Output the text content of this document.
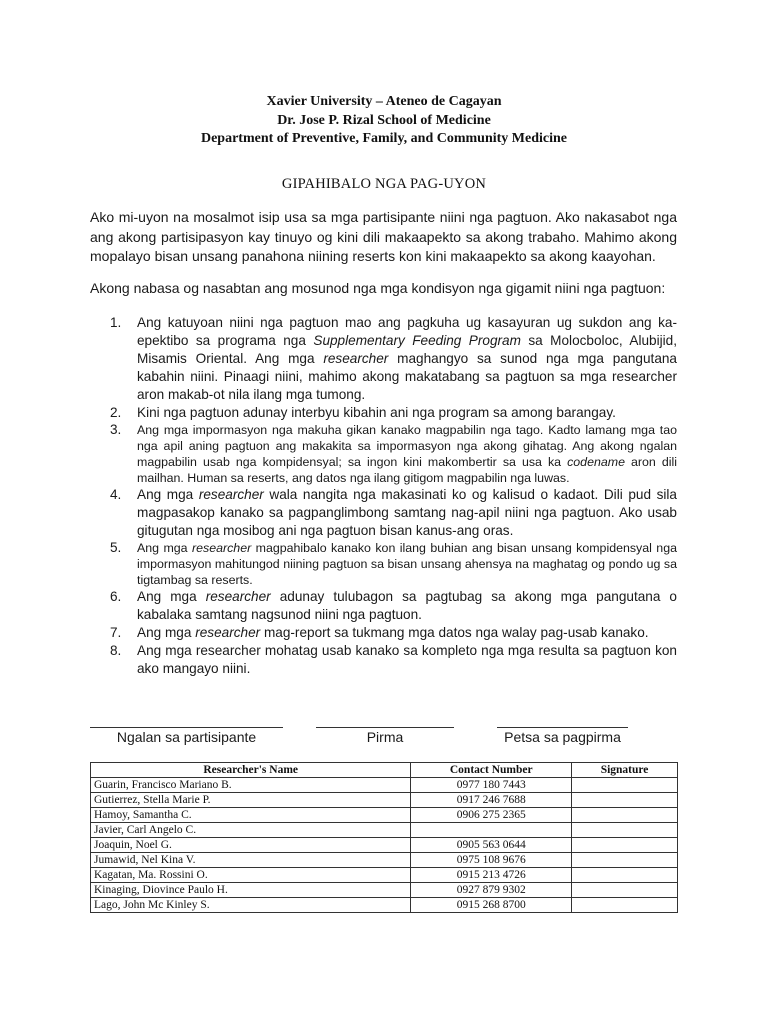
Xavier University – Ateneo de Cagayan
Dr. Jose P. Rizal School of Medicine
Department of Preventive, Family, and Community Medicine
GIPAHIBALO NGA PAG-UYON
Ako mi-uyon na mosalmot isip usa sa mga partisipante niini nga pagtuon. Ako nakasabot nga ang akong partisipasyon kay tinuyo og kini dili makaapekto sa akong trabaho. Mahimo akong mopalayo bisan unsang panahona niining reserts kon kini makaapekto sa akong kaayohan.
Akong nabasa og nasabtan ang mosunod nga mga kondisyon nga gigamit niini nga pagtuon:
1. Ang katuyoan niini nga pagtuon mao ang pagkuha ug kasayuran ug sukdon ang ka-epektibo sa programa nga Supplementary Feeding Program sa Molocboloc, Alubijid, Misamis Oriental. Ang mga researcher maghangyo sa sunod nga mga pangutana kabahin niini. Pinaagi niini, mahimo akong makatabang sa pagtuon sa mga researcher aron makab-ot nila ilang mga tumong.
2. Kini nga pagtuon adunay interbyu kibahin ani nga program sa among barangay.
3. Ang mga impormasyon nga makuha gikan kanako magpabilin nga tago. Kadto lamang mga tao nga apil aning pagtuon ang makakita sa impormasyon nga akong gihatag. Ang akong ngalan magpabilin usab nga kompidensyal; sa ingon kini makombertir sa usa ka codename aron dili mailhan. Human sa reserts, ang datos nga ilang gitigom magpabilin nga luwas.
4. Ang mga researcher wala nangita nga makasinati ko og kalisud o kadaot. Dili pud sila magpasakop kanako sa pagpanglimbong samtang nag-apil niini nga pagtuon. Ako usab gitugutan nga mosibog ani nga pagtuon bisan kanus-ang oras.
5. Ang mga researcher magpahibalo kanako kon ilang buhian ang bisan unsang kompidensyal nga impormasyon mahitungod niining pagtuon sa bisan unsang ahensya na maghatag og pondo ug sa tigtambag sa reserts.
6. Ang mga researcher adunay tulubagon sa pagtubag sa akong mga pangutana o kabalaka samtang nagsunod niini nga pagtuon.
7. Ang mga researcher mag-report sa tukmang mga datos nga walay pag-usab kanako.
8. Ang mga researcher mohatag usab kanako sa kompleto nga mga resulta sa pagtuon kon ako mangayo niini.
Ngalan sa partisipante	Pirma	Petsa sa pagpirma
Researcher's Name	Contact Number	Signature
Guarin, Francisco Mariano B.	0977 180 7443	
Gutierrez, Stella Marie P.	0917 246 7688	
Hamoy, Samantha C.	0906 275 2365	
Javier, Carl Angelo C.		
Joaquin, Noel G.	0905 563 0644	
Jumawid, Nel Kina V.	0975 108 9676	
Kagatan, Ma. Rossini O.	0915 213 4726	
Kinaging, Diovince Paulo H.	0927 879 9302	
Lago, John Mc Kinley S.	0915 268 8700	
